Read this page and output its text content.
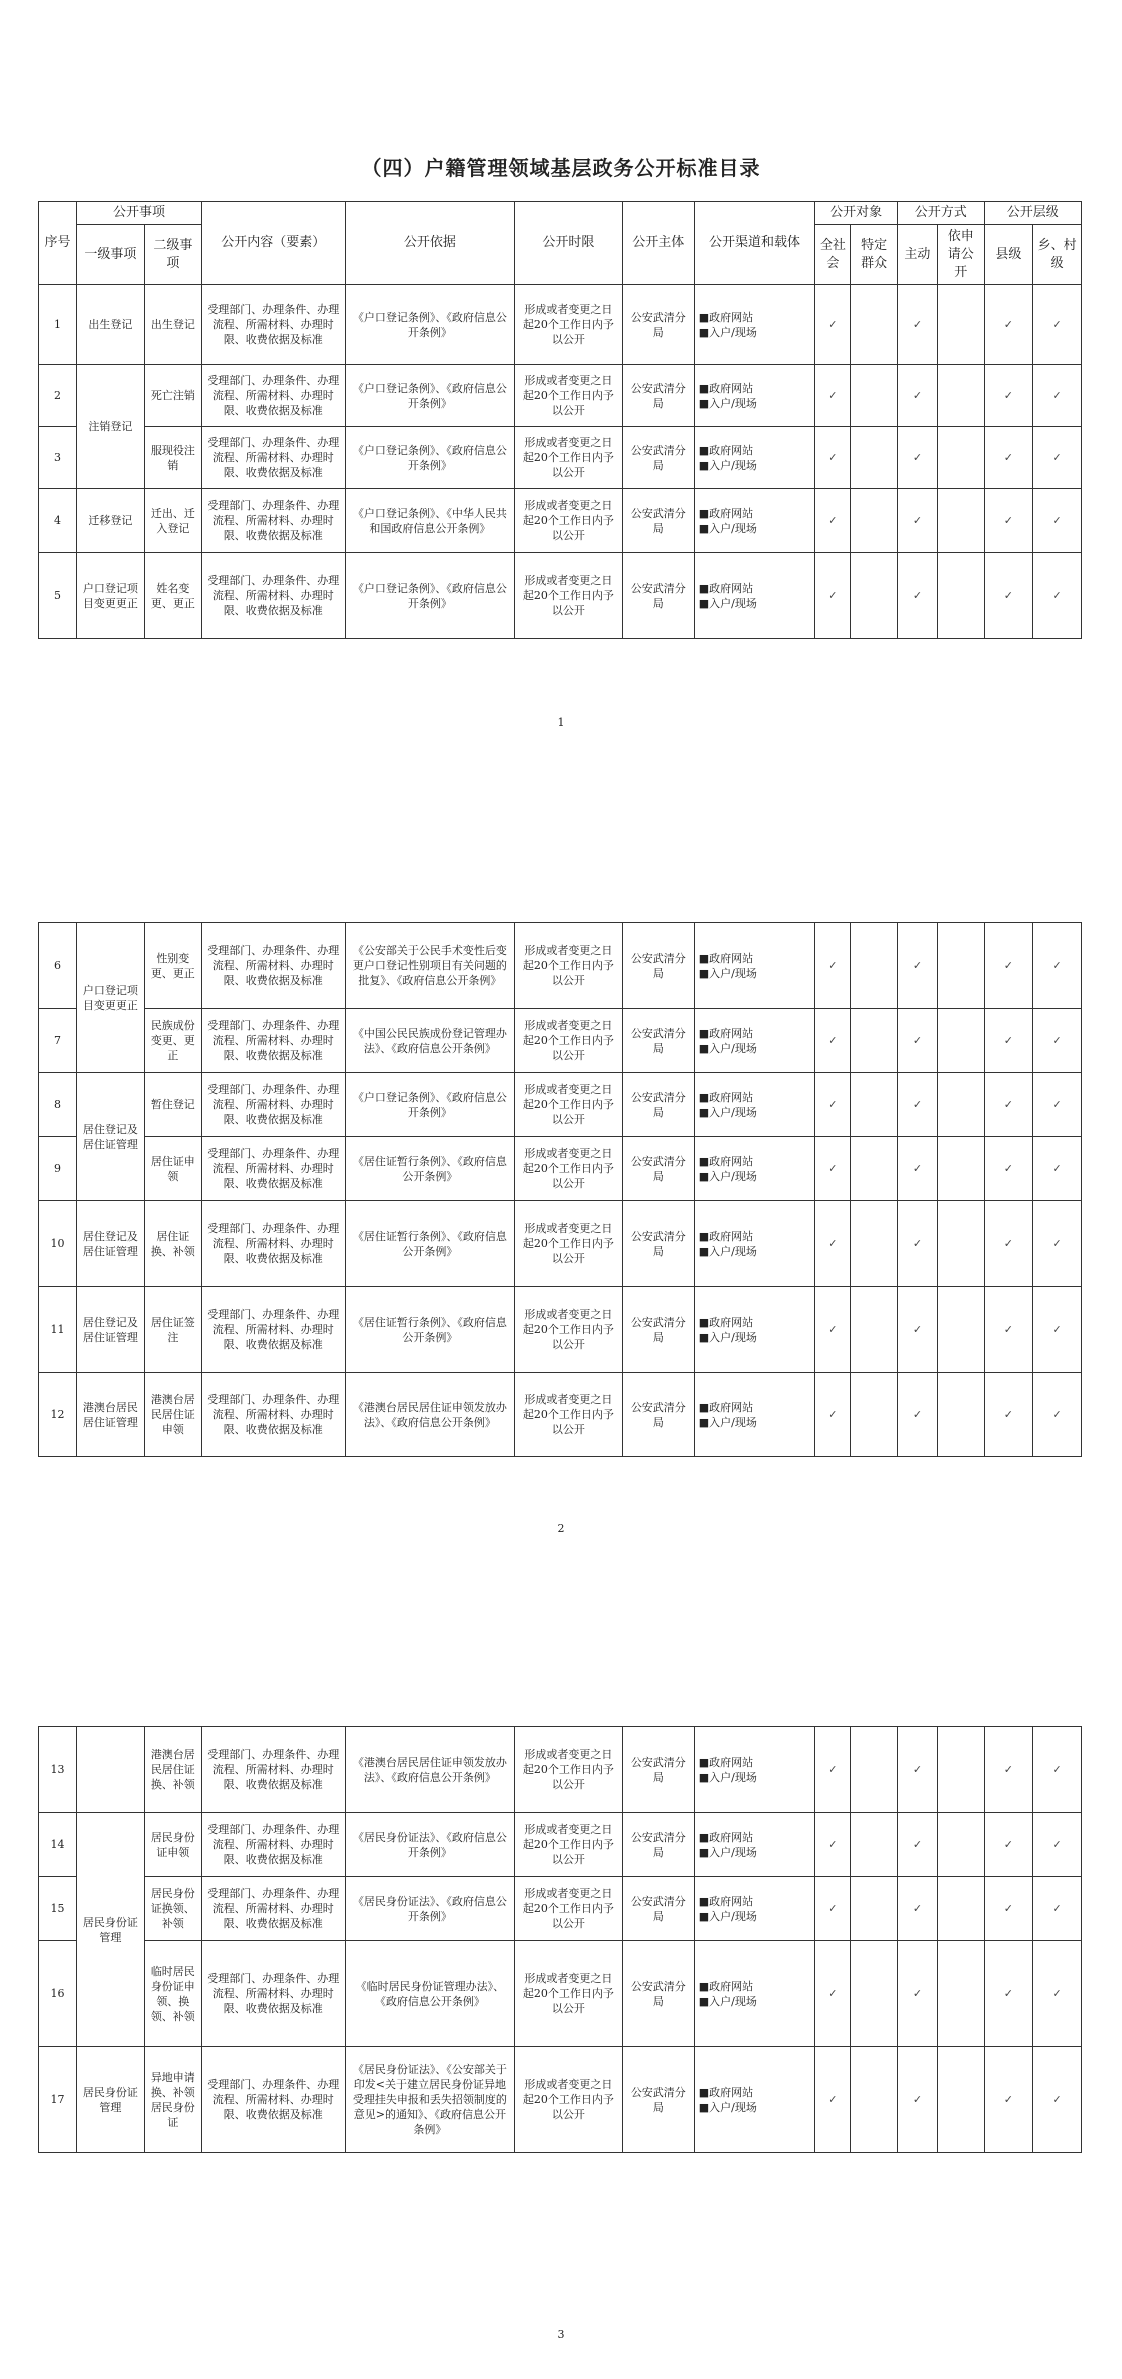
（四）户籍管理领域基层政务公开标准目录
序号	公开事项		公开内容（要素）	公开依据	公开时限	公开主体	公开渠道和载体	公开对象		公开方式		公开层级	
	一级事项	二级事项						全社会	特定群众	主动	依申请公开	县级	乡、村级
1	出生登记	出生登记	受理部门、办理条件、办理流程、所需材料、办理时限、收费依据及标准	《户口登记条例》、《政府信息公开条例》	形成或者变更之日起20个工作日内予以公开	公安武清分局	■政府网站
■入户/现场	✓		✓		✓	✓
2	注销登记	死亡注销	受理部门、办理条件、办理流程、所需材料、办理时限、收费依据及标准	《户口登记条例》、《政府信息公开条例》	形成或者变更之日起20个工作日内予以公开	公安武清分局	■政府网站
■入户/现场	✓		✓		✓	✓
3		服现役注销	受理部门、办理条件、办理流程、所需材料、办理时限、收费依据及标准	《户口登记条例》、《政府信息公开条例》	形成或者变更之日起20个工作日内予以公开	公安武清分局	■政府网站
■入户/现场	✓		✓		✓	✓
4	迁移登记	迁出、迁入登记	受理部门、办理条件、办理流程、所需材料、办理时限、收费依据及标准	《户口登记条例》、《中华人民共和国政府信息公开条例》	形成或者变更之日起20个工作日内予以公开	公安武清分局	■政府网站
■入户/现场	✓		✓		✓	✓
5	户口登记项目变更更正	姓名变更、更正	受理部门、办理条件、办理流程、所需材料、办理时限、收费依据及标准	《户口登记条例》、《政府信息公开条例》	形成或者变更之日起20个工作日内予以公开	公安武清分局	■政府网站
■入户/现场	✓		✓		✓	✓
1
6	户口登记项目变更更正	性别变更、更正	受理部门、办理条件、办理流程、所需材料、办理时限、收费依据及标准	《公安部关于公民手术变性后变更户口登记性别项目有关问题的批复》、《政府信息公开条例》	形成或者变更之日起20个工作日内予以公开	公安武清分局	■政府网站
■入户/现场	✓		✓		✓	✓
7		民族成份变更、更正	受理部门、办理条件、办理流程、所需材料、办理时限、收费依据及标准	《中国公民民族成份登记管理办法》、《政府信息公开条例》	形成或者变更之日起20个工作日内予以公开	公安武清分局	■政府网站
■入户/现场	✓		✓		✓	✓
8	居住登记及居住证管理	暂住登记	受理部门、办理条件、办理流程、所需材料、办理时限、收费依据及标准	《户口登记条例》、《政府信息公开条例》	形成或者变更之日起20个工作日内予以公开	公安武清分局	■政府网站
■入户/现场	✓		✓		✓	✓
9		居住证申领	受理部门、办理条件、办理流程、所需材料、办理时限、收费依据及标准	《居住证暂行条例》、《政府信息公开条例》	形成或者变更之日起20个工作日内予以公开	公安武清分局	■政府网站
■入户/现场	✓		✓		✓	✓
10	居住登记及居住证管理	居住证换、补领	受理部门、办理条件、办理流程、所需材料、办理时限、收费依据及标准	《居住证暂行条例》、《政府信息公开条例》	形成或者变更之日起20个工作日内予以公开	公安武清分局	■政府网站
■入户/现场	✓		✓		✓	✓
11	居住登记及居住证管理	居住证签注	受理部门、办理条件、办理流程、所需材料、办理时限、收费依据及标准	《居住证暂行条例》、《政府信息公开条例》	形成或者变更之日起20个工作日内予以公开	公安武清分局	■政府网站
■入户/现场	✓		✓		✓	✓
12	港澳台居民居住证管理	港澳台居民居住证申领	受理部门、办理条件、办理流程、所需材料、办理时限、收费依据及标准	《港澳台居民居住证申领发放办法》、《政府信息公开条例》	形成或者变更之日起20个工作日内予以公开	公安武清分局	■政府网站
■入户/现场	✓		✓		✓	✓
2
13		港澳台居民居住证换、补领	受理部门、办理条件、办理流程、所需材料、办理时限、收费依据及标准	《港澳台居民居住证申领发放办法》、《政府信息公开条例》	形成或者变更之日起20个工作日内予以公开	公安武清分局	■政府网站
■入户/现场	✓		✓		✓	✓
14	居民身份证管理	居民身份证申领	受理部门、办理条件、办理流程、所需材料、办理时限、收费依据及标准	《居民身份证法》、《政府信息公开条例》	形成或者变更之日起20个工作日内予以公开	公安武清分局	■政府网站
■入户/现场	✓		✓		✓	✓
15		居民身份证换领、补领	受理部门、办理条件、办理流程、所需材料、办理时限、收费依据及标准	《居民身份证法》、《政府信息公开条例》	形成或者变更之日起20个工作日内予以公开	公安武清分局	■政府网站
■入户/现场	✓		✓		✓	✓
16		临时居民身份证申领、换领、补领	受理部门、办理条件、办理流程、所需材料、办理时限、收费依据及标准	《临时居民身份证管理办法》、《政府信息公开条例》	形成或者变更之日起20个工作日内予以公开	公安武清分局	■政府网站
■入户/现场	✓		✓		✓	✓
17	居民身份证管理	异地申请换、补领居民身份证	受理部门、办理条件、办理流程、所需材料、办理时限、收费依据及标准	《居民身份证法》、《公安部关于印发<关于建立居民身份证异地受理挂失申报和丢失招领制度的意见>的通知》、《政府信息公开条例》	形成或者变更之日起20个工作日内予以公开	公安武清分局	■政府网站
■入户/现场	✓		✓		✓	✓
3
